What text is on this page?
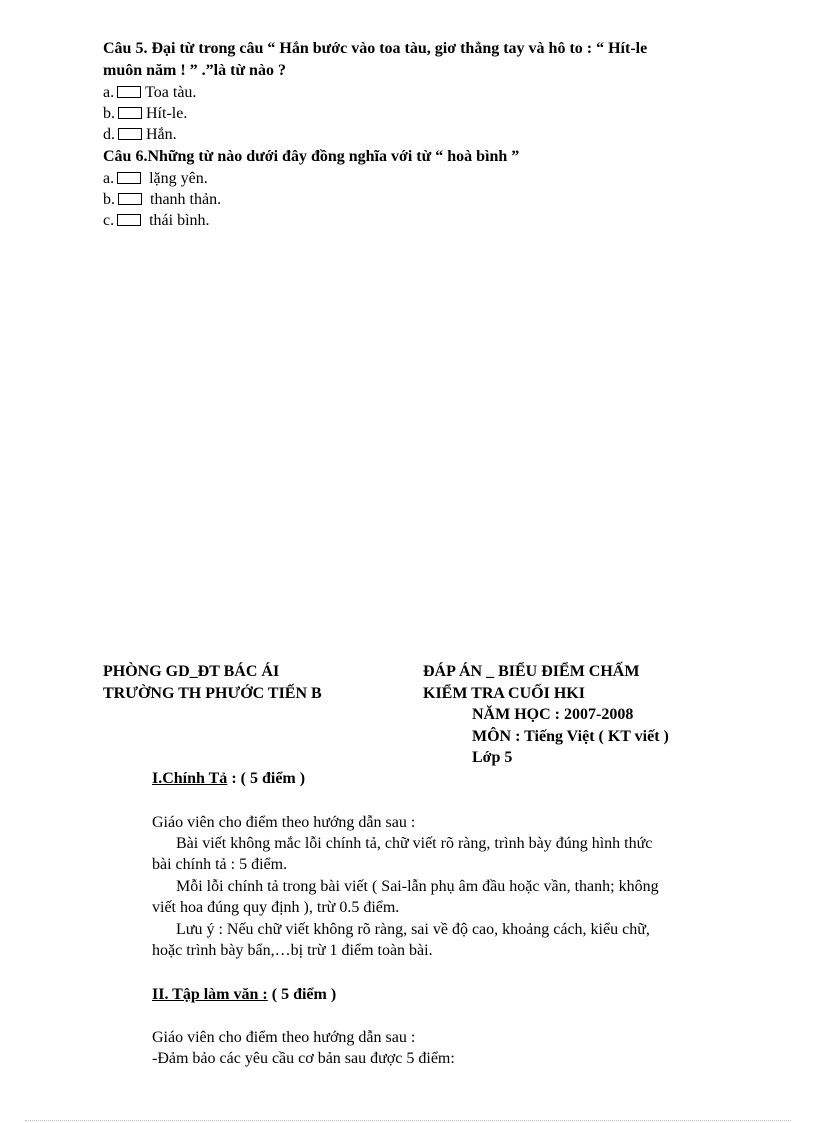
Câu 5. Đại từ trong câu “ Hắn bước vào toa tàu, giơ thẳng tay và hô to : “ Hít-le
muôn năm ! ” .”là từ nào ?
a. Toa tàu.
b. Hít-le.
d. Hắn.
Câu 6.Những từ nào dưới đây đồng nghĩa với từ “ hoà bình ”
a. lặng yên.
b. thanh thản.
c. thái bình.
PHÒNG GD_ĐT BÁC ÁI
TRƯỜNG TH PHƯỚC TIẾN B
ĐÁP ÁN _ BIỂU ĐIỂM CHẤM
KIỂM TRA CUỐI HKI
NĂM HỌC : 2007-2008
MÔN : Tiếng Việt ( KT viết )
Lớp 5
I.Chính Tả : ( 5 điểm )
Giáo viên cho điểm theo hướng dẫn sau :
Bài viết không mắc lỗi chính tả, chữ viết rõ ràng, trình bày đúng hình thức
bài chính tả : 5 điểm.
Mỗi lỗi chính tả trong bài viết ( Sai-lẫn phụ âm đầu hoặc vần, thanh; không
viết hoa đúng quy định ), trừ 0.5 điểm.
Lưu ý : Nếu chữ viết không rõ ràng, sai về độ cao, khoảng cách, kiểu chữ,
hoặc trình bày bẩn,…bị trừ 1 điểm toàn bài.
II. Tập làm văn : ( 5 điểm )
Giáo viên cho điểm theo hướng dẫn sau :
-Đảm bảo các yêu cầu cơ bản sau được 5 điểm:
